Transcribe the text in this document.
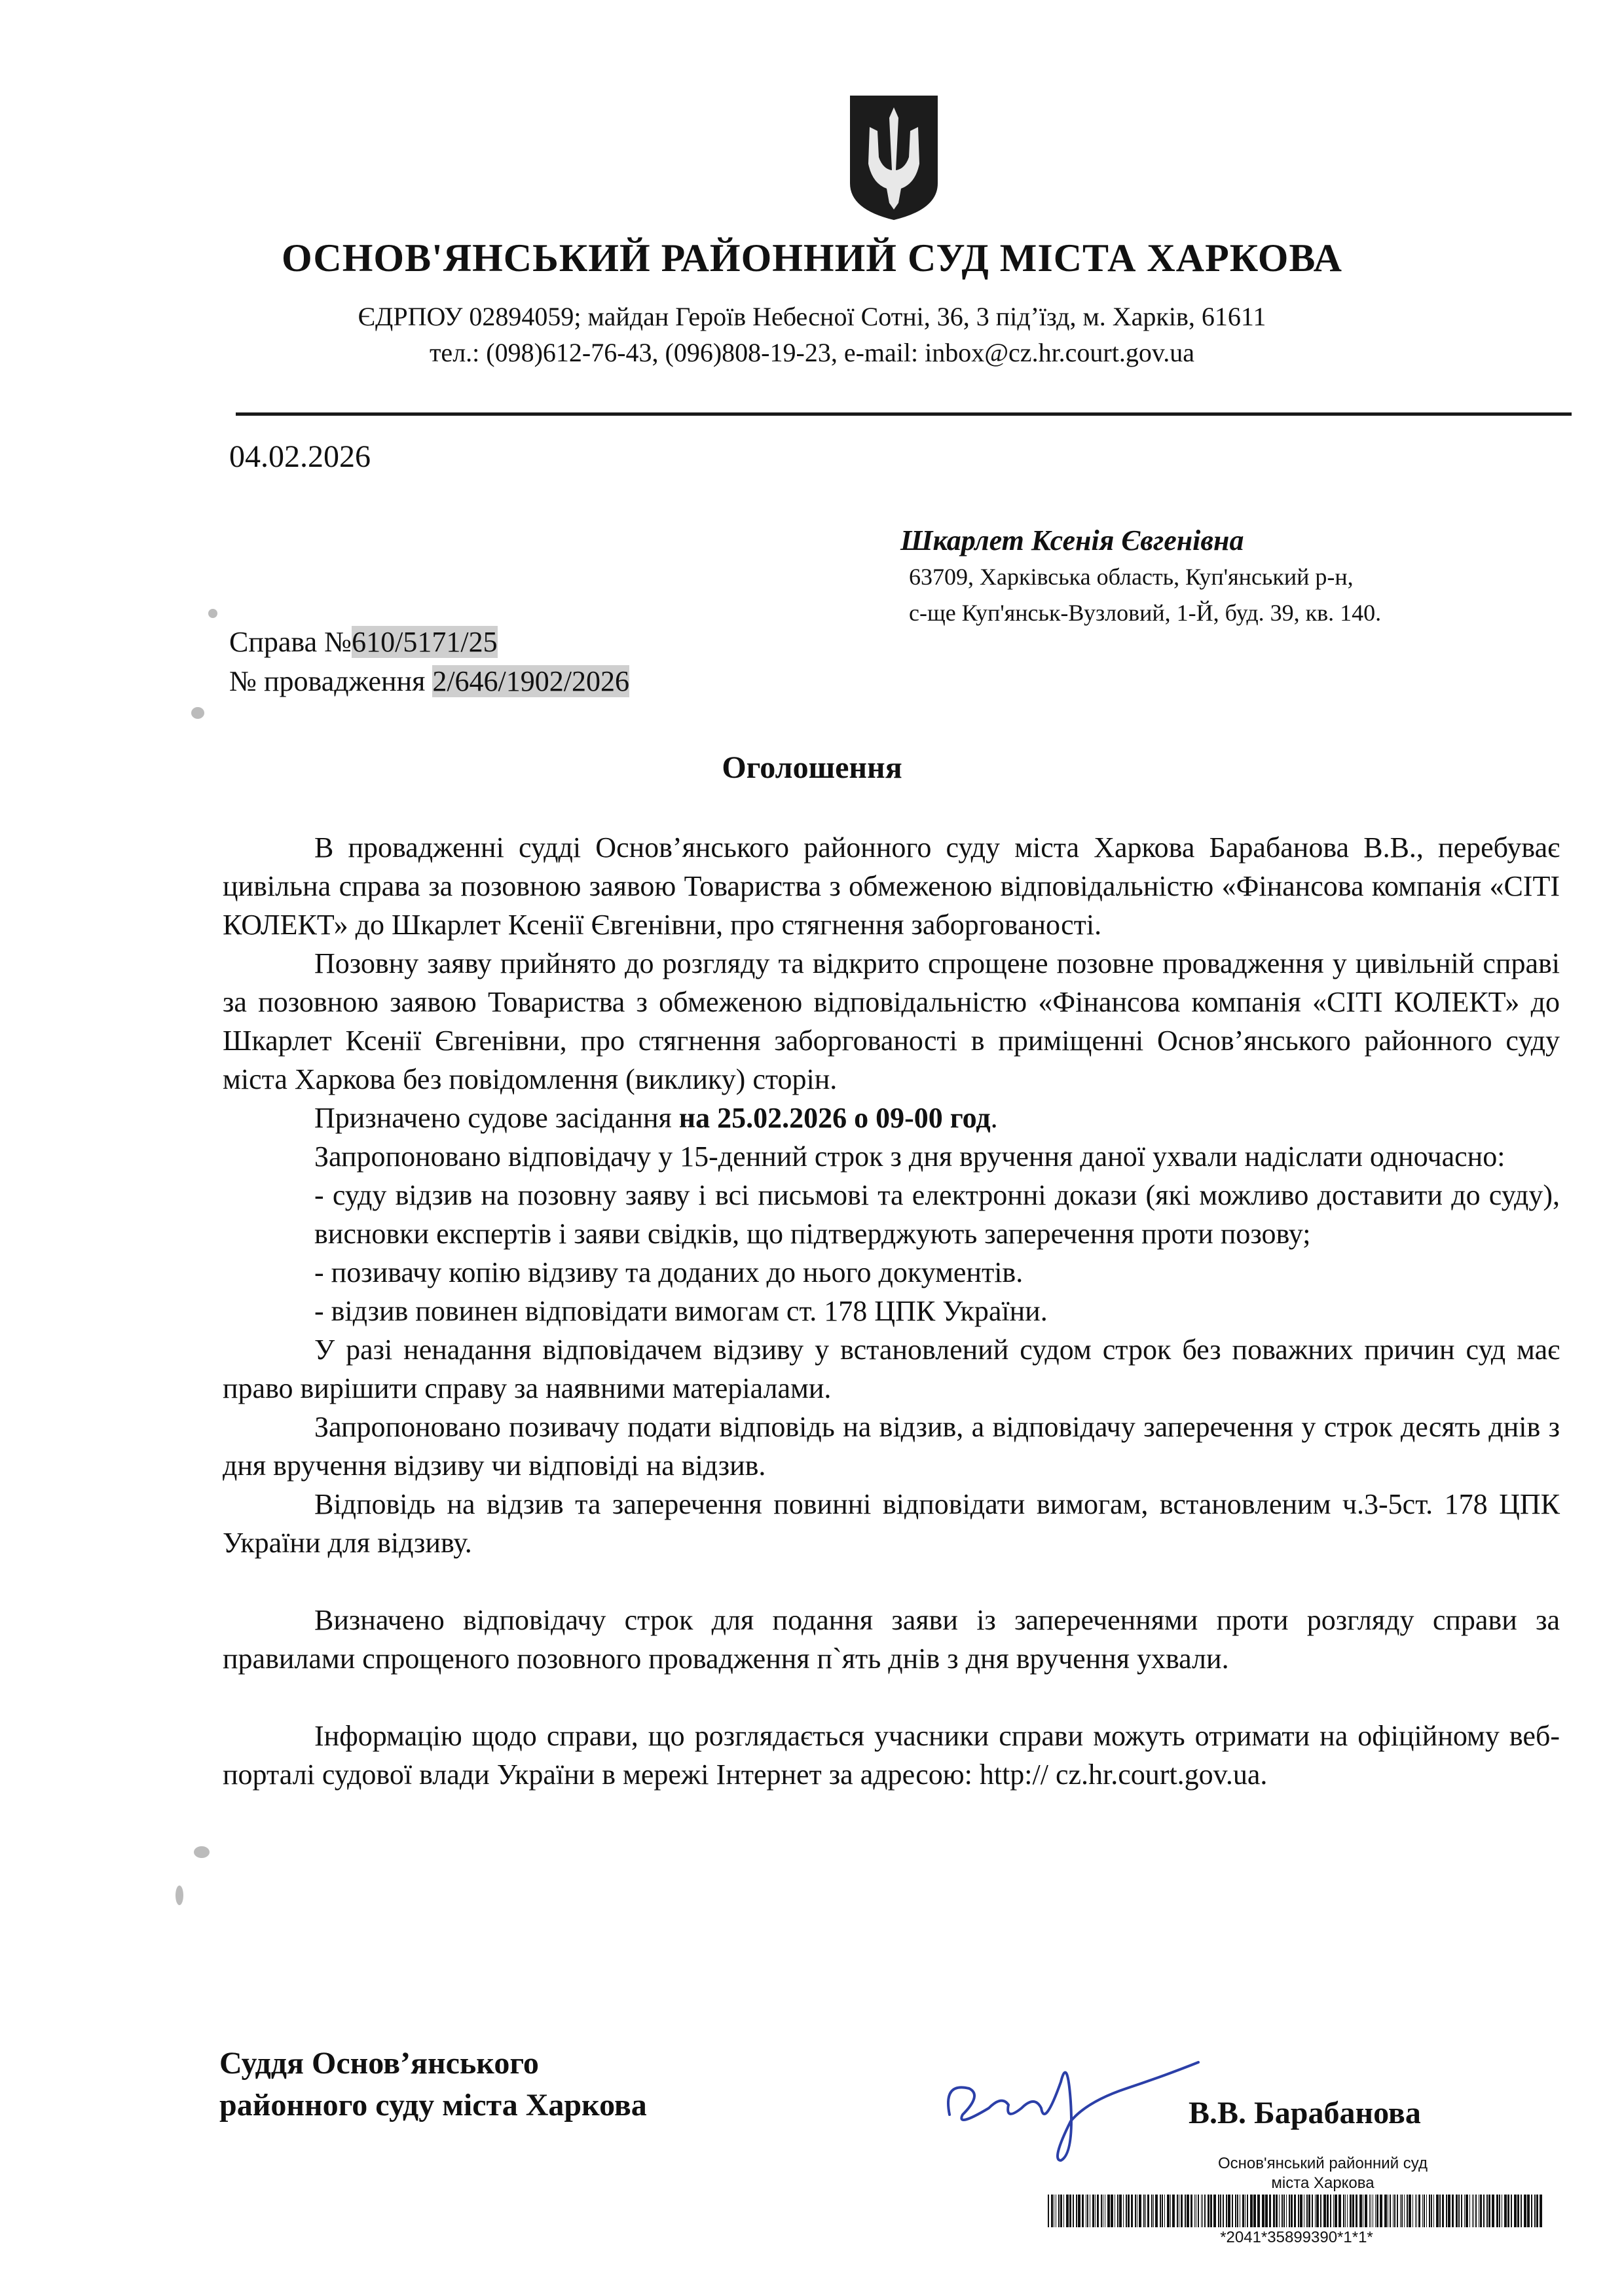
ОСНОВ'ЯНСЬКИЙ РАЙОННИЙ СУД МІСТА ХАРКОВА
ЄДРПОУ 02894059; майдан Героїв Небесної Сотні, 36, 3 під’їзд, м. Харків, 61611
тел.: (098)612-76-43, (096)808-19-23, e-mail: inbox@cz.hr.court.gov.ua
04.02.2026
Шкарлет Ксенія Євгенівна
63709, Харківська область, Куп'янський р-н,
с-ще Куп'янськ-Вузловий, 1-Й, буд. 39, кв. 140.
Справа №610/5171/25
№ провадження 2/646/1902/2026
Оголошення

В провадженні судді Основ’янського районного суду міста Харкова Барабанова В.В., перебуває цивільна справа за позовною заявою Товариства з обмеженою відповідальністю «Фінансова компанія «СІТІ КОЛЕКТ» до Шкарлет Ксенії Євгенівни, про стягнення заборгованості.

Позовну заяву прийнято до розгляду та відкрито спрощене позовне провадження у цивільній справі за позовною заявою Товариства з обмеженою відповідальністю «Фінансова компанія «СІТІ КОЛЕКТ» до Шкарлет Ксенії Євгенівни, про стягнення заборгованості в приміщенні Основ’янського районного суду міста Харкова без повідомлення (виклику) сторін.

Призначено судове засідання на 25.02.2026 о 09-00 год.

Запропоновано відповідачу у 15-денний строк з дня вручення даної ухвали надіслати одночасно:

- суду відзив на позовну заяву і всі письмові та електронні докази (які можливо доставити до суду), висновки експертів і заяви свідків, що підтверджують заперечення проти позову;

- позивачу копію відзиву та доданих до нього документів.

- відзив повинен відповідати вимогам ст. 178 ЦПК України.

У разі ненадання відповідачем відзиву у встановлений судом строк без поважних причин суд має право вирішити справу за наявними матеріалами.

Запропоновано позивачу подати відповідь на відзив, а відповідачу заперечення у строк десять днів з дня вручення відзиву чи відповіді на відзив.

Відповідь на відзив та заперечення повинні відповідати вимогам, встановленим ч.3-5ст. 178 ЦПК України для відзиву.

Визначено відповідачу строк для подання заяви із запереченнями проти розгляду справи за правилами спрощеного позовного провадження п`ять днів з дня вручення ухвали.

Інформацію щодо справи, що розглядається учасники справи можуть отримати на офіційному веб-порталі судової влади України в мережі Інтернет за адресою: http:// cz.hr.court.gov.ua.

Суддя Основ’янського
районного суду міста Харкова	В.В. Барабанова
Основ'янський районний суд
міста Харкова
*2041*35899390*1*1*
